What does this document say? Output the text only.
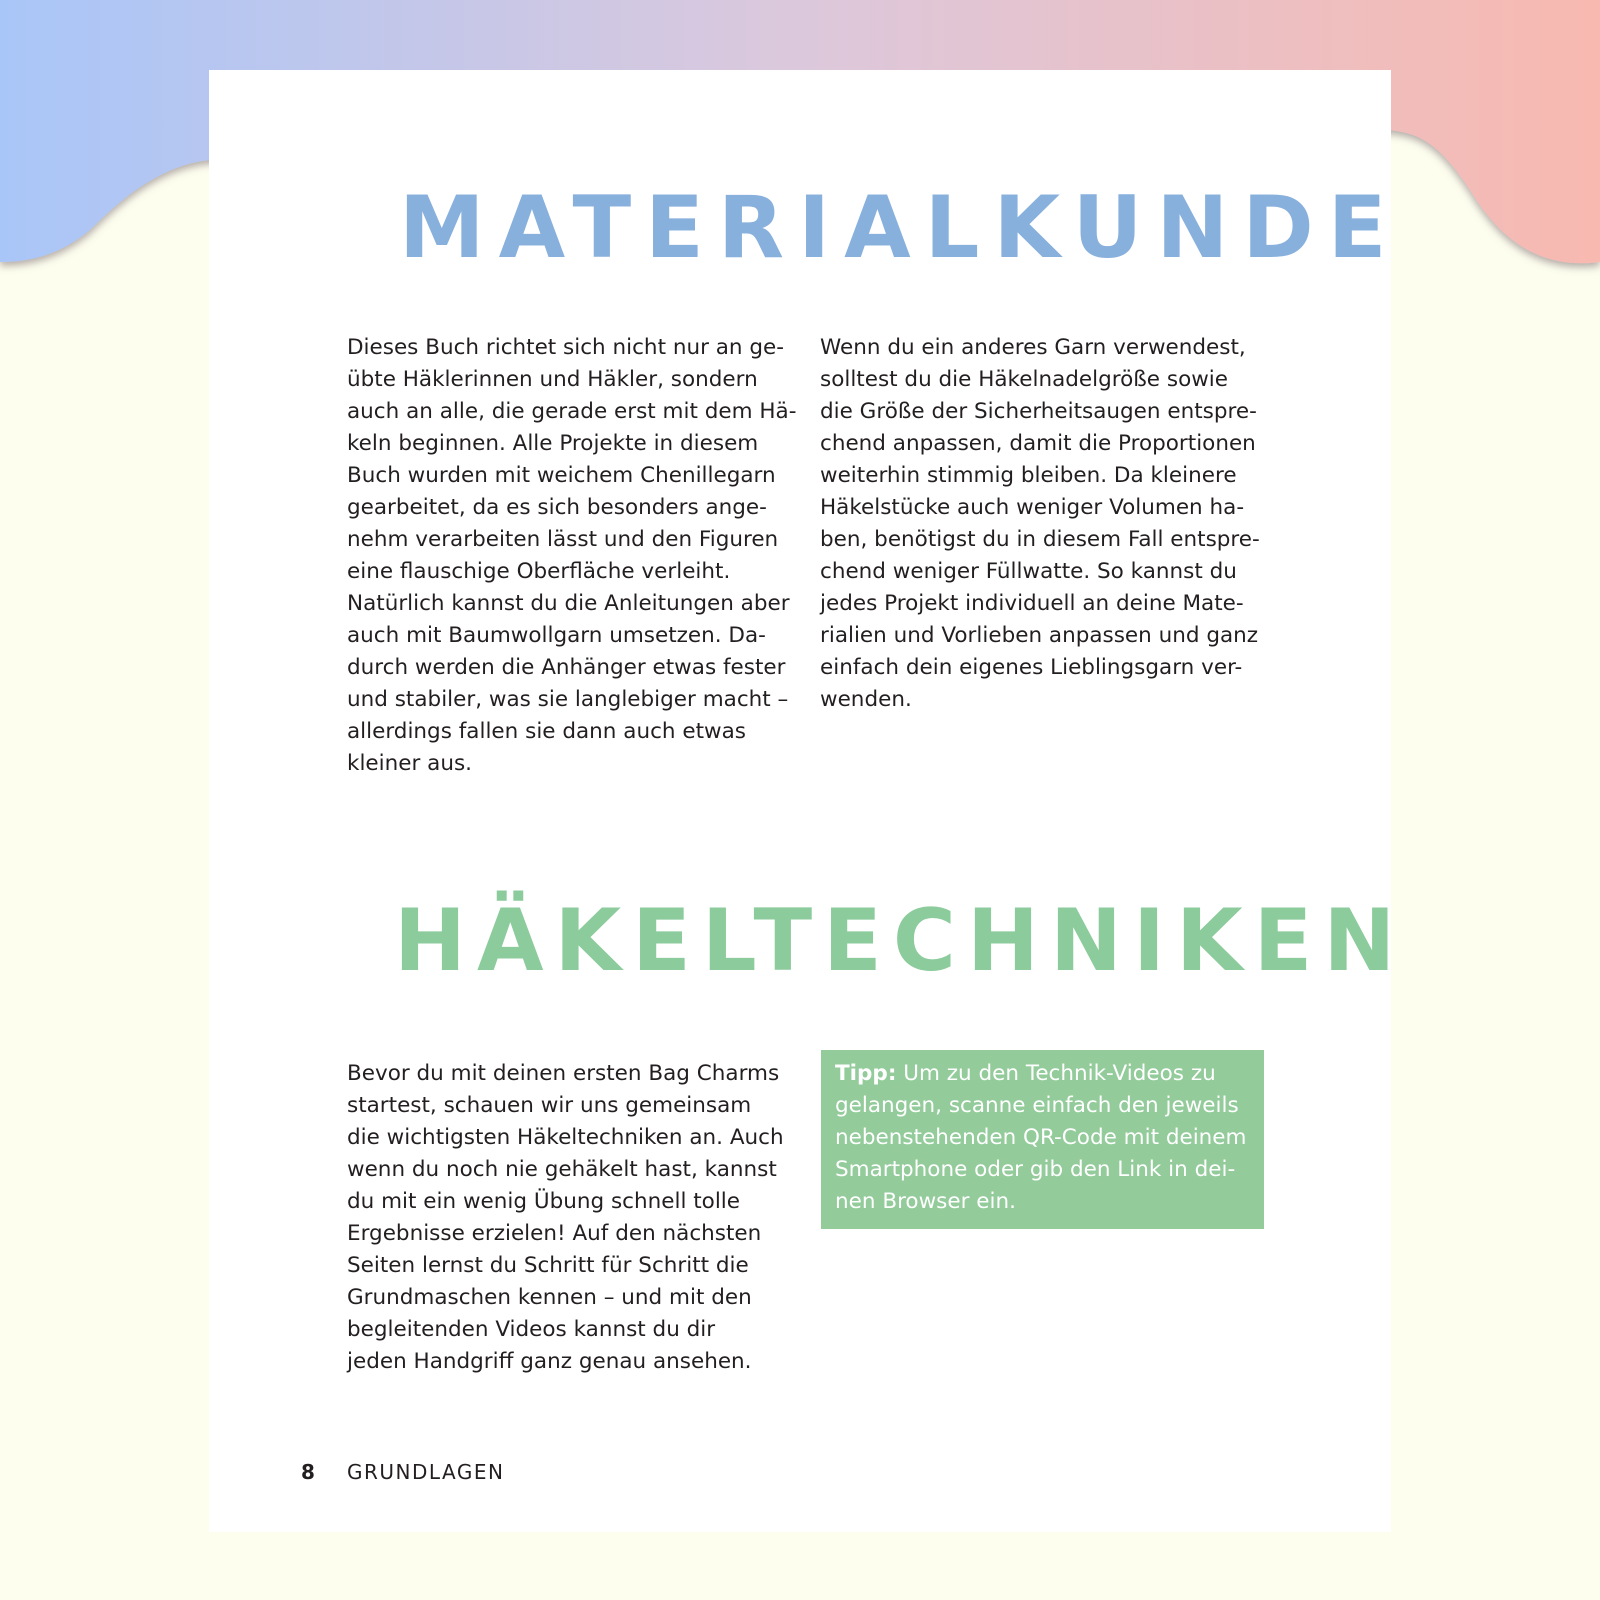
MATERIALKUNDE
Dieses Buch richtet sich nicht nur an ge-
übte Häklerinnen und Häkler, sondern
auch an alle, die gerade erst mit dem Hä-
keln beginnen. Alle Projekte in diesem
Buch wurden mit weichem Chenillegarn
gearbeitet, da es sich besonders ange-
nehm verarbeiten lässt und den Figuren
eine flauschige Oberfläche verleiht.
Natürlich kannst du die Anleitungen aber
auch mit Baumwollgarn umsetzen. Da-
durch werden die Anhänger etwas fester
und stabiler, was sie langlebiger macht –
allerdings fallen sie dann auch etwas
kleiner aus.
Wenn du ein anderes Garn verwendest,
solltest du die Häkelnadelgröße sowie
die Größe der Sicherheitsaugen entspre-
chend anpassen, damit die Proportionen
weiterhin stimmig bleiben. Da kleinere
Häkelstücke auch weniger Volumen ha-
ben, benötigst du in diesem Fall entspre-
chend weniger Füllwatte. So kannst du
jedes Projekt individuell an deine Mate-
rialien und Vorlieben anpassen und ganz
einfach dein eigenes Lieblingsgarn ver-
wenden.
HÄKELTECHNIKEN
Bevor du mit deinen ersten Bag Charms
startest, schauen wir uns gemeinsam
die wichtigsten Häkeltechniken an. Auch
wenn du noch nie gehäkelt hast, kannst
du mit ein wenig Übung schnell tolle
Ergebnisse erzielen! Auf den nächsten
Seiten lernst du Schritt für Schritt die
Grundmaschen kennen – und mit den
begleitenden Videos kannst du dir
jeden Handgriff ganz genau ansehen.
Tipp: Um zu den Technik-Videos zu
gelangen, scanne einfach den jeweils
nebenstehenden QR-Code mit deinem
Smartphone oder gib den Link in dei-
nen Browser ein.
8 GRUNDLAGEN
